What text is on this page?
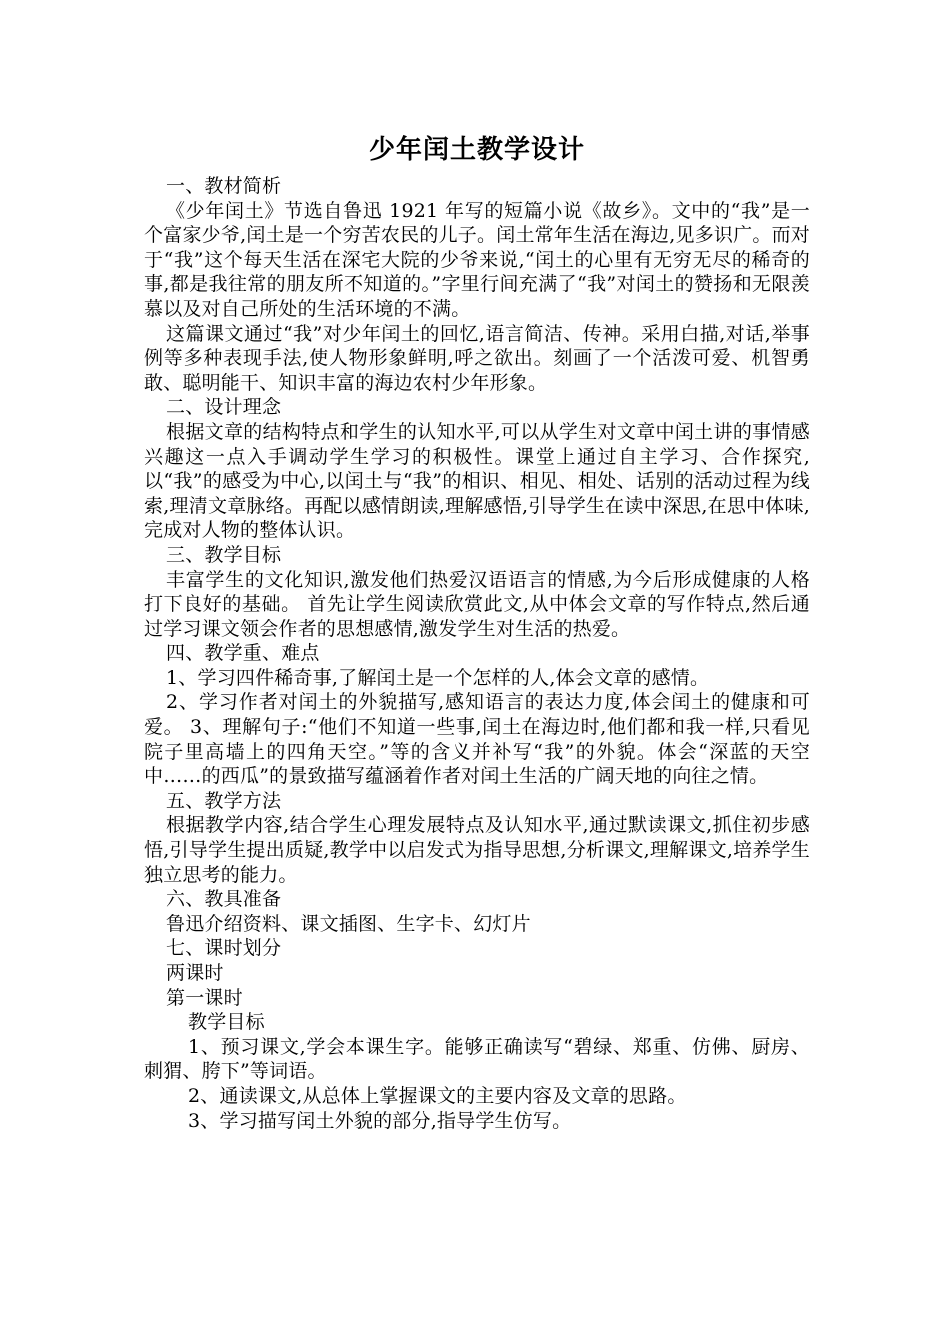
少年闰土教学设计

一、教材简析

《少年闰土》节选自鲁迅 1921 年写的短篇小说《故乡》。文中的“我”是一个富家少爷,闰土是一个穷苦农民的儿子。闰土常年生活在海边,见多识广。而对于“我”这个每天生活在深宅大院的少爷来说,“闰土的心里有无穷无尽的稀奇的事,都是我往常的朋友所不知道的。”字里行间充满了“我”对闰土的赞扬和无限羡慕以及对自己所处的生活环境的不满。

这篇课文通过“我”对少年闰土的回忆,语言简洁、传神。采用白描,对话,举事例等多种表现手法,使人物形象鲜明,呼之欲出。刻画了一个活泼可爱、机智勇敢、聪明能干、知识丰富的海边农村少年形象。

二、设计理念

根据文章的结构特点和学生的认知水平,可以从学生对文章中闰土讲的事情感兴趣这一点入手调动学生学习的积极性。课堂上通过自主学习、合作探究,以“我”的感受为中心,以闰土与“我”的相识、相见、相处、话别的活动过程为线索,理清文章脉络。再配以感情朗读,理解感悟,引导学生在读中深思,在思中体味,完成对人物的整体认识。

三、教学目标

丰富学生的文化知识,激发他们热爱汉语语言的情感,为今后形成健康的人格打下良好的基础。 首先让学生阅读欣赏此文,从中体会文章的写作特点,然后通过学习课文领会作者的思想感情,激发学生对生活的热爱。

四、教学重、难点

1、学习四件稀奇事,了解闰土是一个怎样的人,体会文章的感情。

2、学习作者对闰土的外貌描写,感知语言的表达力度,体会闰土的健康和可爱。 3、理解句子:“他们不知道一些事,闰土在海边时,他们都和我一样,只看见院子里高墙上的四角天空。”等的含义并补写“我”的外貌。体会“深蓝的天空中……的西瓜”的景致描写蕴涵着作者对闰土生活的广阔天地的向往之情。

五、教学方法

根据教学内容,结合学生心理发展特点及认知水平,通过默读课文,抓住初步感悟,引导学生提出质疑,教学中以启发式为指导思想,分析课文,理解课文,培养学生独立思考的能力。

六、教具准备

鲁迅介绍资料、课文插图、生字卡、幻灯片

七、课时划分

两课时

第一课时

教学目标

1、预习课文,学会本课生字。能够正确读写“碧绿、郑重、仿佛、厨房、刺猬、胯下”等词语。

2、通读课文,从总体上掌握课文的主要内容及文章的思路。

3、学习描写闰土外貌的部分,指导学生仿写。
